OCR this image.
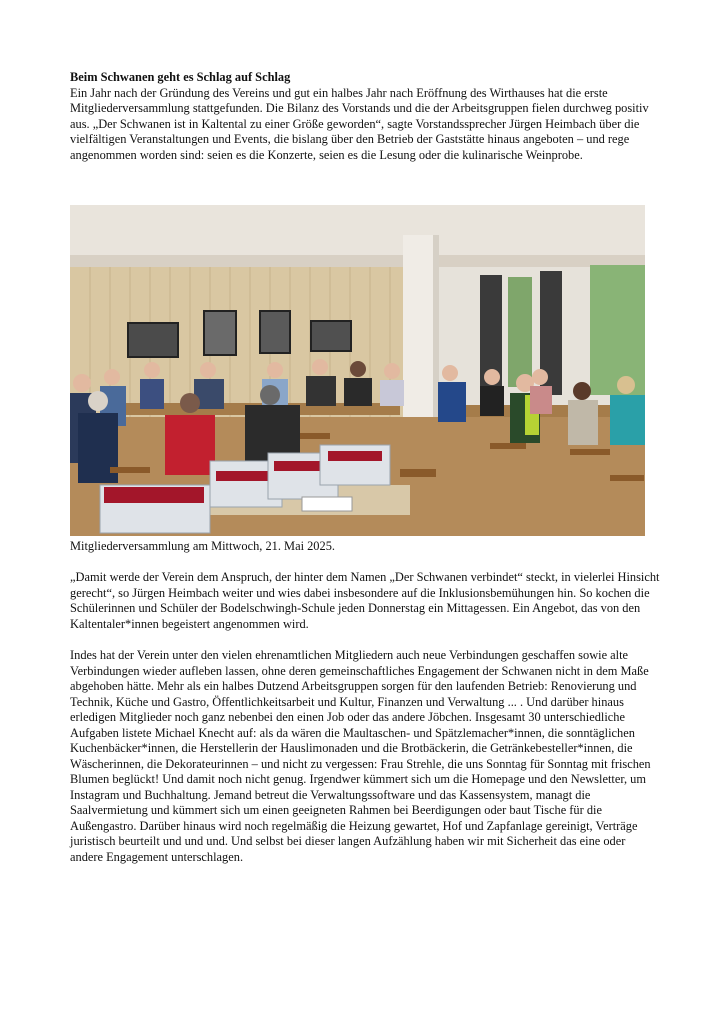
Beim Schwanen geht es Schlag auf Schlag

Ein Jahr nach der Gründung des Vereins und gut ein halbes Jahr nach Eröffnung des Wirthauses hat die erste Mitgliederversammlung stattgefunden. Die Bilanz des Vorstands und die der Arbeitsgruppen fielen durchweg positiv aus. „Der Schwanen ist in Kaltental zu einer Größe geworden“, sagte Vorstandssprecher Jürgen Heimbach über die vielfältigen Veranstaltungen und Events, die bislang über den Betrieb der Gaststätte hinaus angeboten – und rege angenommen worden sind: seien es die Konzerte, seien es die Lesung oder die kulinarische Weinprobe.

Mitgliederversammlung am Mittwoch, 21. Mai 2025.

„Damit werde der Verein dem Anspruch, der hinter dem Namen „Der Schwanen verbindet“ steckt, in vielerlei Hinsicht gerecht“, so Jürgen Heimbach weiter und wies dabei insbesondere auf die Inklusionsbemühungen hin. So kochen die Schülerinnen und Schüler der Bodelschwingh-Schule jeden Donnerstag ein Mittagessen. Ein Angebot, das von den Kaltentaler*innen begeistert angenommen wird.

Indes hat der Verein unter den vielen ehrenamtlichen Mitgliedern auch neue Verbindungen geschaffen sowie alte Verbindungen wieder aufleben lassen, ohne deren gemeinschaftliches Engagement der Schwanen nicht in dem Maße abgehoben hätte. Mehr als ein halbes Dutzend Arbeitsgruppen sorgen für den laufenden Betrieb: Renovierung und Technik, Küche und Gastro, Öffentlichkeitsarbeit und Kultur, Finanzen und Verwaltung ... . Und darüber hinaus erledigen Mitglieder noch ganz nebenbei den einen Job oder das andere Jöbchen. Insgesamt 30 unterschiedliche Aufgaben listete Michael Knecht auf: als da wären die Maultaschen- und Spätzlemacher*innen, die sonntäglichen Kuchenbäcker*innen, die Herstellerin der Hauslimonaden und die Brotbäckerin, die Getränkebesteller*innen, die Wäscherinnen, die Dekorateurinnen – und nicht zu vergessen: Frau Strehle, die uns Sonntag für Sonntag mit frischen Blumen beglückt! Und damit noch nicht genug. Irgendwer kümmert sich um die Homepage und den Newsletter, um Instagram und Buchhaltung. Jemand betreut die Verwaltungssoftware und das Kassensystem, managt die Saalvermietung und kümmert sich um einen geeigneten Rahmen bei Beerdigungen oder baut Tische für die Außengastro. Darüber hinaus wird noch regelmäßig die Heizung gewartet, Hof und Zapfanlage gereinigt, Verträge juristisch beurteilt und und und. Und selbst bei dieser langen Aufzählung haben wir mit Sicherheit das eine oder andere Engagement unterschlagen.
